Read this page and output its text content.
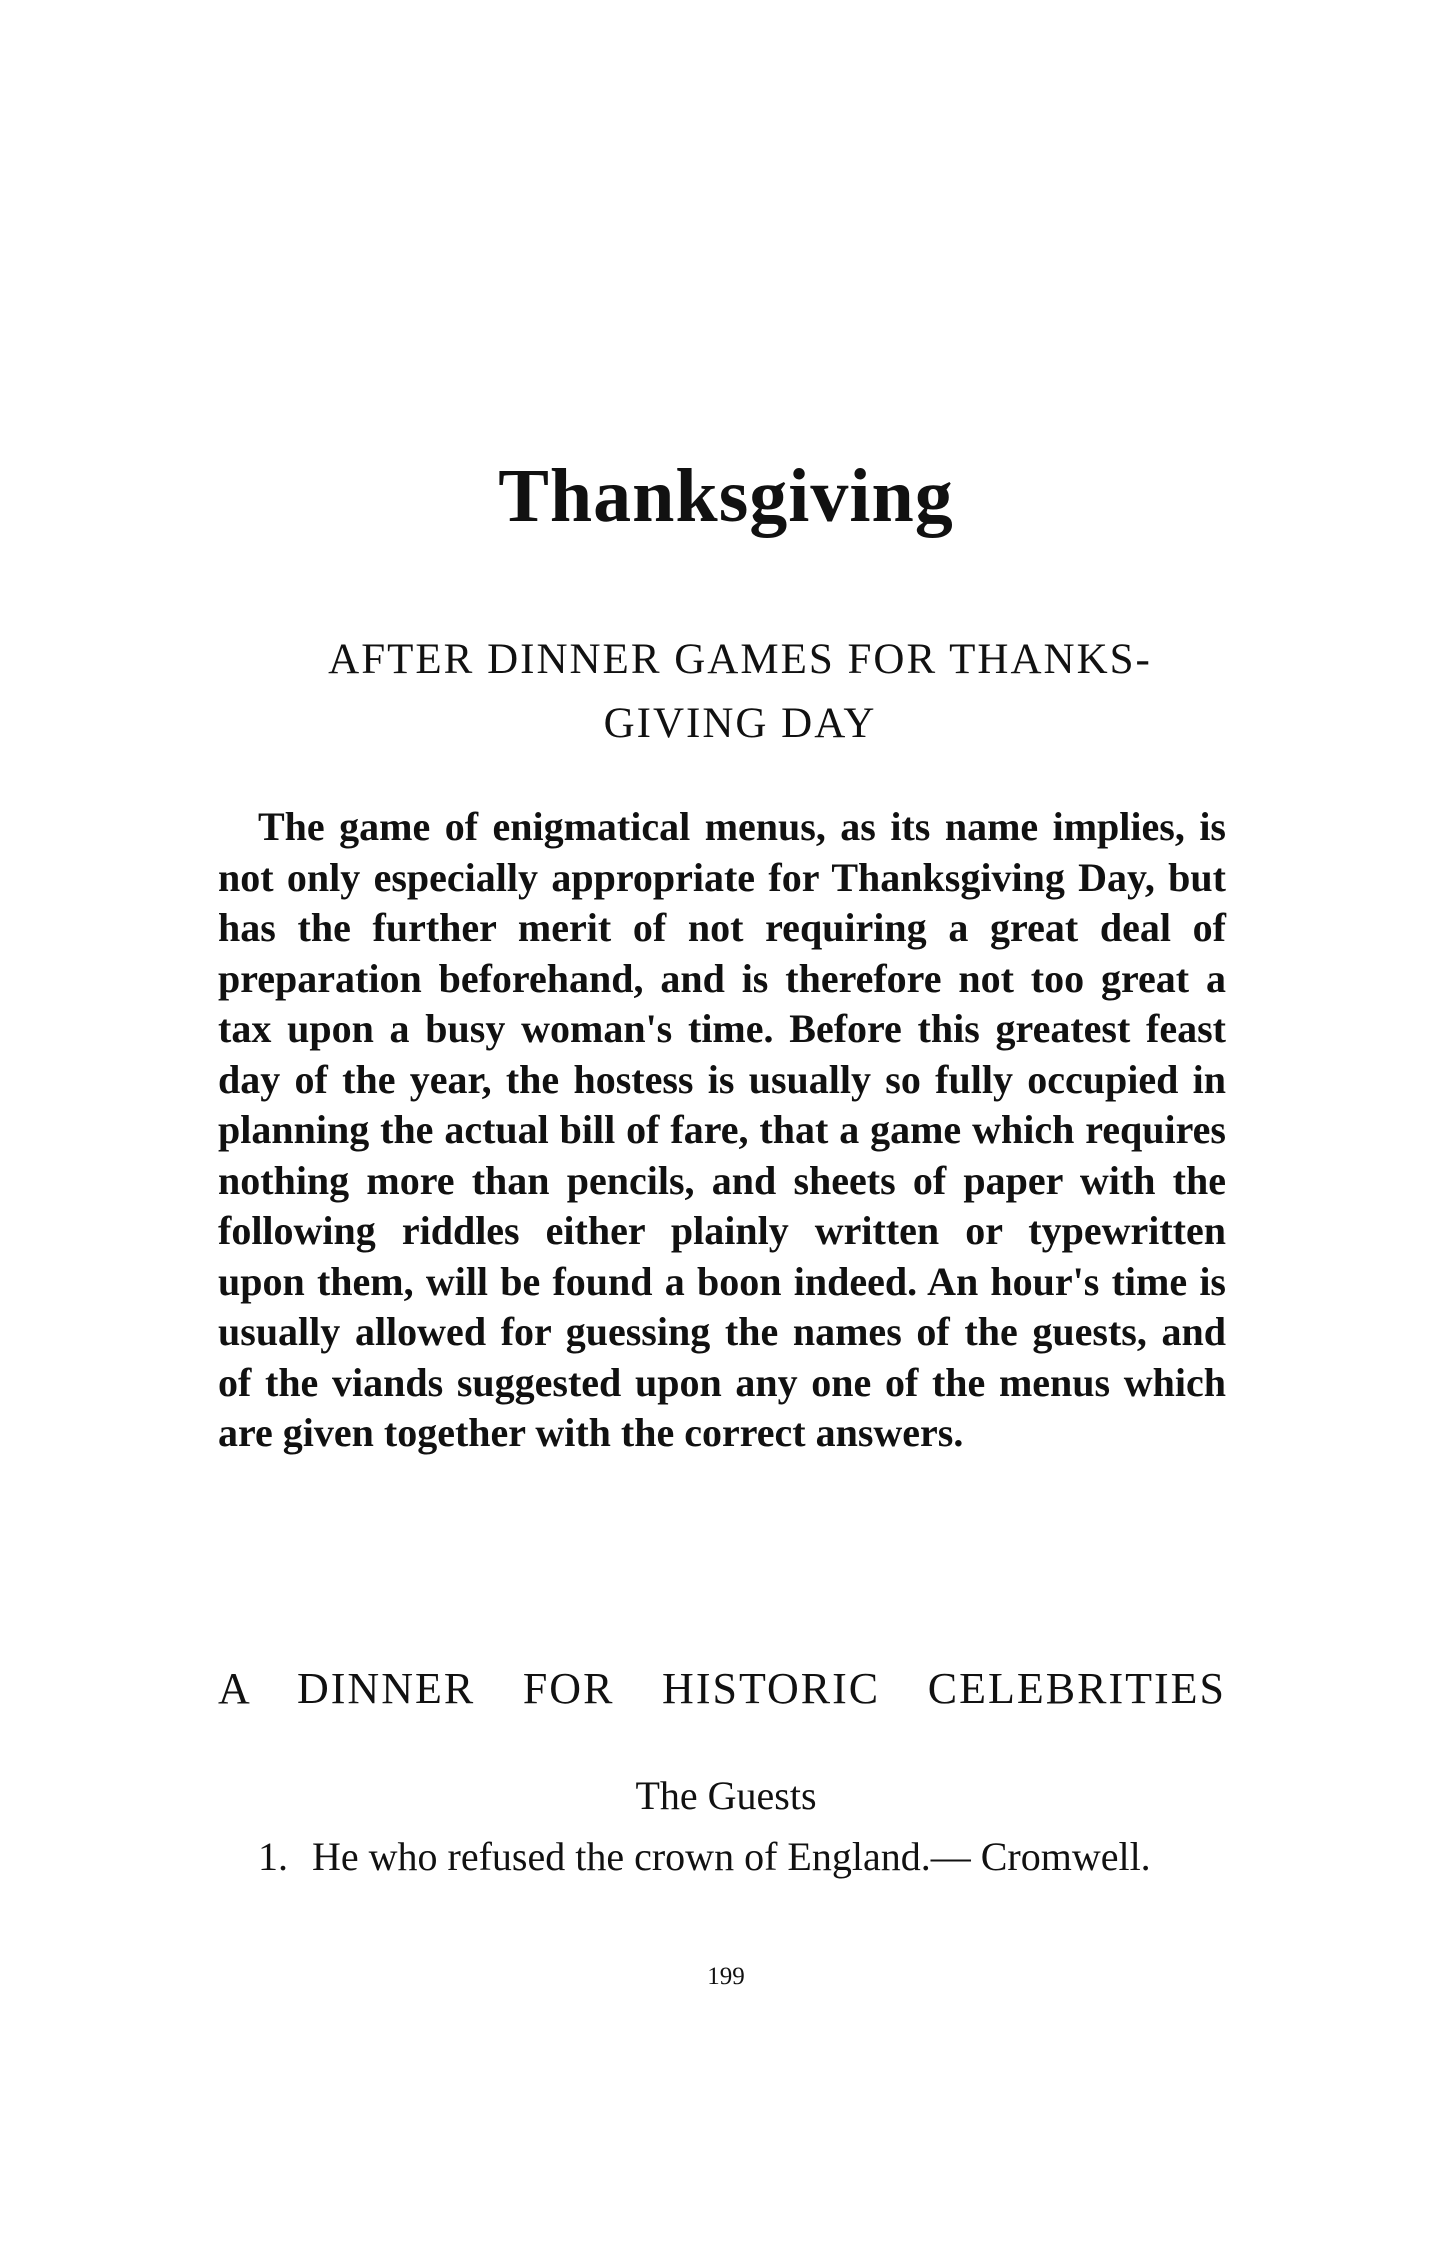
Thanksgiving
AFTER DINNER GAMES FOR THANKS-
GIVING DAY

The game of enigmatical menus, as its name implies, is not only especially appropriate for Thanksgiving Day, but has the further merit of not requiring a great deal of preparation beforehand, and is therefore not too great a tax upon a busy woman's time. Before this greatest feast day of the year, the hostess is usually so fully occupied in planning the actual bill of fare, that a game which requires nothing more than pencils, and sheets of paper with the following riddles either plainly written or typewritten upon them, will be found a boon indeed. An hour's time is usually allowed for guessing the names of the guests, and of the viands suggested upon any one of the menus which are given together with the correct answers.

A DINNER FOR HISTORIC CELEBRITIES

The Guests

1. He who refused the crown of England.— Cromwell.

199
